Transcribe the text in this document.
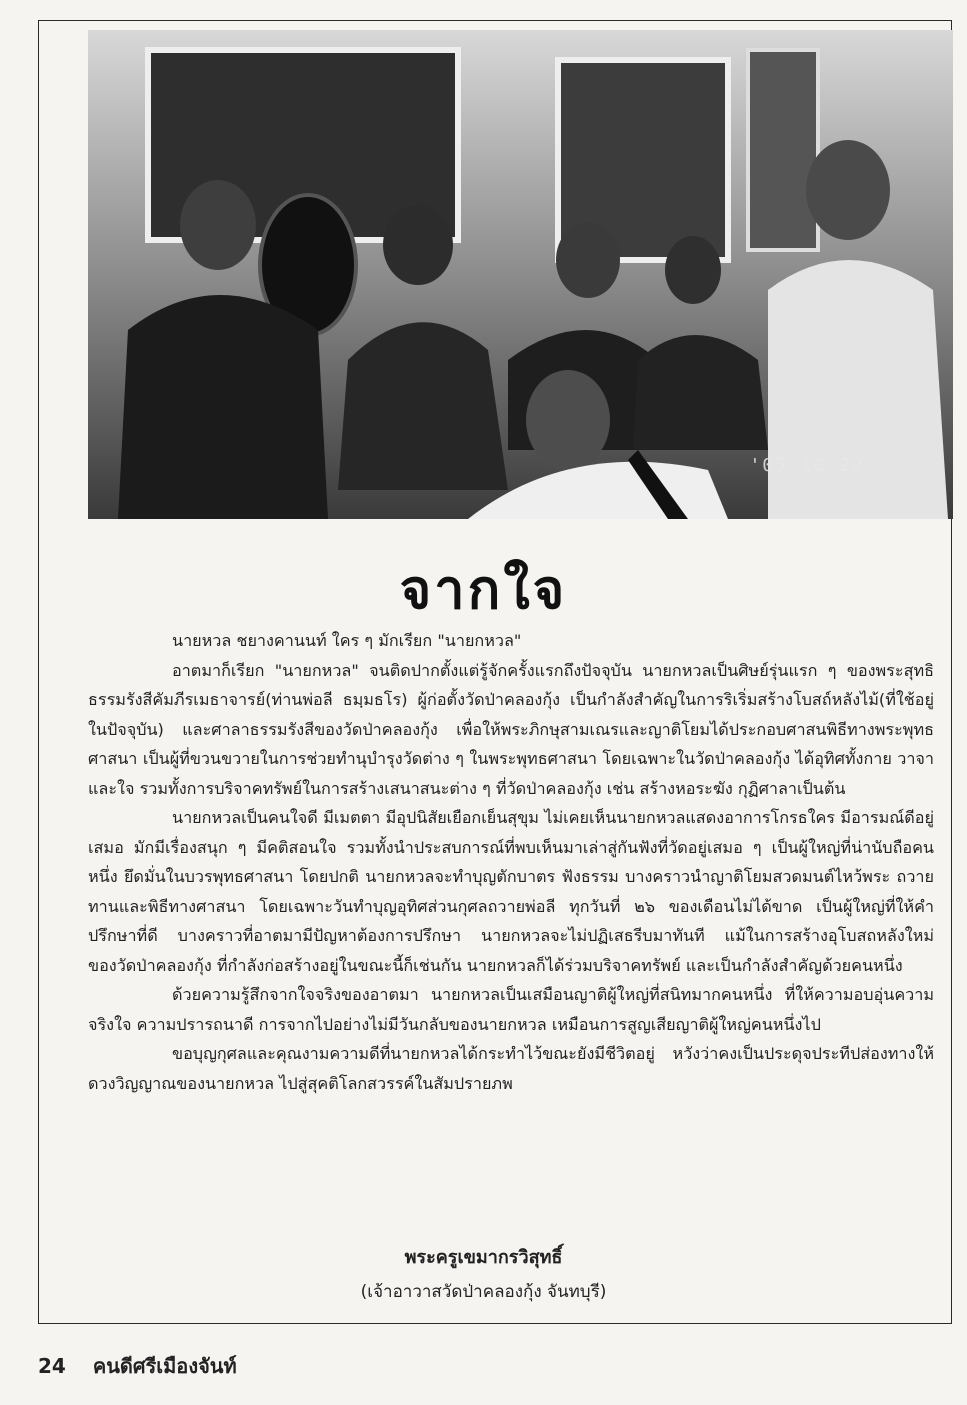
'05 10 22
จากใจ

นายหวล ชยางคานนท์ ใคร ๆ มักเรียก "นายกหวล"

อาตมาก็เรียก "นายกหวล" จนติดปากตั้งแต่รู้จักครั้งแรกถึงปัจจุบัน นายกหวลเป็นศิษย์รุ่นแรก ๆ ของพระสุทธิธรรมรังสีคัมภีรเมธาจารย์(ท่านพ่อลี ธมฺมธโร) ผู้ก่อตั้งวัดป่าคลองกุ้ง เป็นกำลังสำคัญในการริเริ่มสร้างโบสถ์หลังไม้(ที่ใช้อยู่ในปัจจุบัน) และศาลาธรรมรังสีของวัดป่าคลองกุ้ง เพื่อให้พระภิกษุสามเณรและญาติโยมได้ประกอบศาสนพิธีทางพระพุทธศาสนา เป็นผู้ที่ขวนขวายในการช่วยทำนุบำรุงวัดต่าง ๆ ในพระพุทธศาสนา โดยเฉพาะในวัดป่าคลองกุ้ง ได้อุทิศทั้งกาย วาจา และใจ รวมทั้งการบริจาคทรัพย์ในการสร้างเสนาสนะต่าง ๆ ที่วัดป่าคลองกุ้ง เช่น สร้างหอระฆัง กุฏิศาลาเป็นต้น

นายกหวลเป็นคนใจดี มีเมตตา มีอุปนิสัยเยือกเย็นสุขุม ไม่เคยเห็นนายกหวลแสดงอาการโกรธใคร มีอารมณ์ดีอยู่เสมอ มักมีเรื่องสนุก ๆ มีคติสอนใจ รวมทั้งนำประสบการณ์ที่พบเห็นมาเล่าสู่กันฟังที่วัดอยู่เสมอ ๆ เป็นผู้ใหญ่ที่น่านับถือคนหนึ่ง ยึดมั่นในบวรพุทธศาสนา โดยปกติ นายกหวลจะทำบุญตักบาตร ฟังธรรม บางคราวนำญาติโยมสวดมนต์ไหว้พระ ถวายทานและพิธีทางศาสนา โดยเฉพาะวันทำบุญอุทิศส่วนกุศลถวายพ่อลี ทุกวันที่ ๒๖ ของเดือนไม่ได้ขาด เป็นผู้ใหญ่ที่ให้คำปรึกษาที่ดี บางคราวที่อาตมามีปัญหาต้องการปรึกษา นายกหวลจะไม่ปฏิเสธรีบมาทันที แม้ในการสร้างอุโบสถหลังใหม่ของวัดป่าคลองกุ้ง ที่กำลังก่อสร้างอยู่ในขณะนี้ก็เช่นกัน นายกหวลก็ได้ร่วมบริจาคทรัพย์ และเป็นกำลังสำคัญด้วยคนหนึ่ง

ด้วยความรู้สึกจากใจจริงของอาตมา นายกหวลเป็นเสมือนญาติผู้ใหญ่ที่สนิทมากคนหนึ่ง ที่ให้ความอบอุ่นความจริงใจ ความปรารถนาดี การจากไปอย่างไม่มีวันกลับของนายกหวล เหมือนการสูญเสียญาติผู้ใหญ่คนหนึ่งไป

ขอบุญกุศลและคุณงามความดีที่นายกหวลได้กระทำไว้ขณะยังมีชีวิตอยู่ หวังว่าคงเป็นประดุจประทีปส่องทางให้ดวงวิญญาณของนายกหวล ไปสู่สุคติโลกสวรรค์ในสัมปรายภพ

พระครูเขมากรวิสุทธิ์
(เจ้าอาวาสวัดป่าคลองกุ้ง จันทบุรี)
24 คนดีศรีเมืองจันท์
